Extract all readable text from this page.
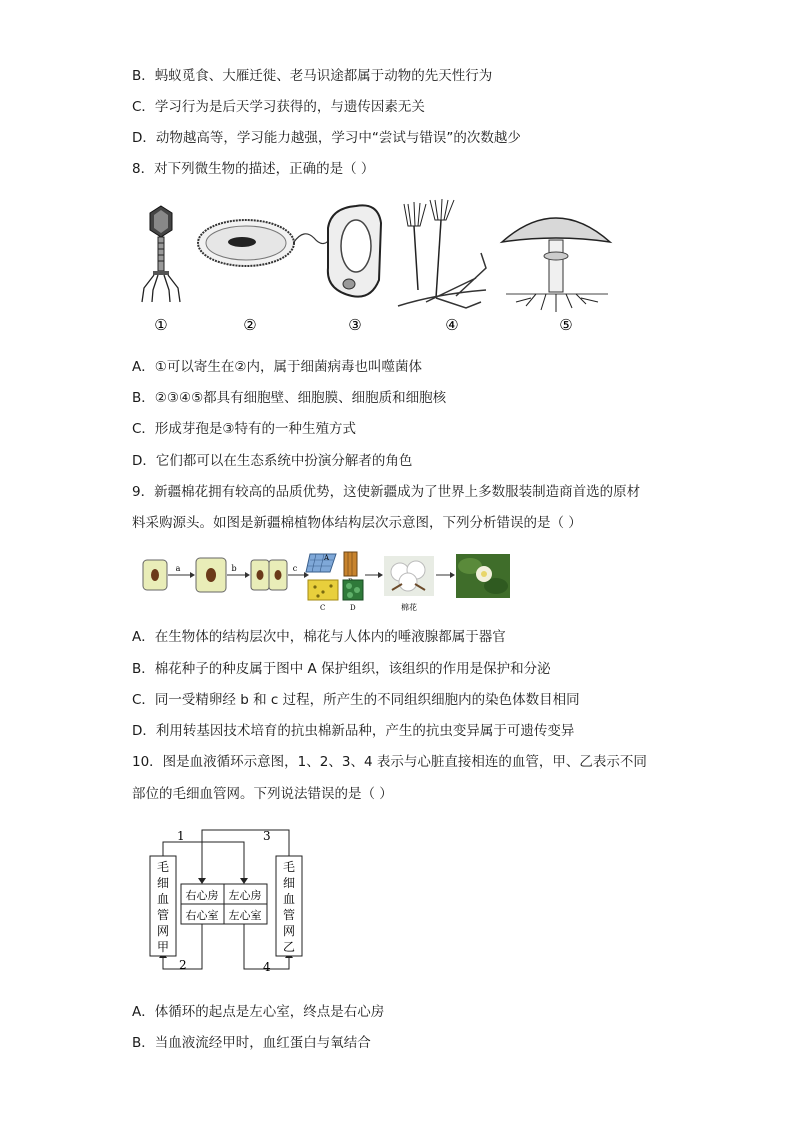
B．蚂蚁觅食、大雁迁徙、老马识途都属于动物的先天性行为
C．学习行为是后天学习获得的，与遗传因素无关
D．动物越高等，学习能力越强，学习中“尝试与错误”的次数越少
8．对下列微生物的描述，正确的是（ ）
①	②	③	④	⑤
A．①可以寄生在②内，属于细菌病毒也叫噬菌体
B．②③④⑤都具有细胞壁、细胞膜、细胞质和细胞核
C．形成芽孢是③特有的一种生殖方式
D．它们都可以在生态系统中扮演分解者的角色
9．新疆棉花拥有较高的品质优势，这使新疆成为了世界上多数服装制造商首选的原材
料采购源头。如图是新疆棉植物体结构层次示意图，下列分析错误的是（ ）
a	b	c
A
C	D	棉花
A．在生物体的结构层次中，棉花与人体内的唾液腺都属于器官
B．棉花种子的种皮属于图中 A 保护组织，该组织的作用是保护和分泌
C．同一受精卵经 b 和 c 过程，所产生的不同组织细胞内的染色体数目相同
D．利用转基因技术培育的抗虫棉新品种，产生的抗虫变异属于可遗传变异
10．图是血液循环示意图，1、2、3、4 表示与心脏直接相连的血管，甲、乙表示不同
部位的毛细血管网。下列说法错误的是（ ）
1
2
3
4
毛
细
血
管
网
甲
毛
细
血
管
网
乙
右心房 左心房
右心室 左心室
A．体循环的起点是左心室，终点是右心房
B．当血液流经甲时，血红蛋白与氧结合
